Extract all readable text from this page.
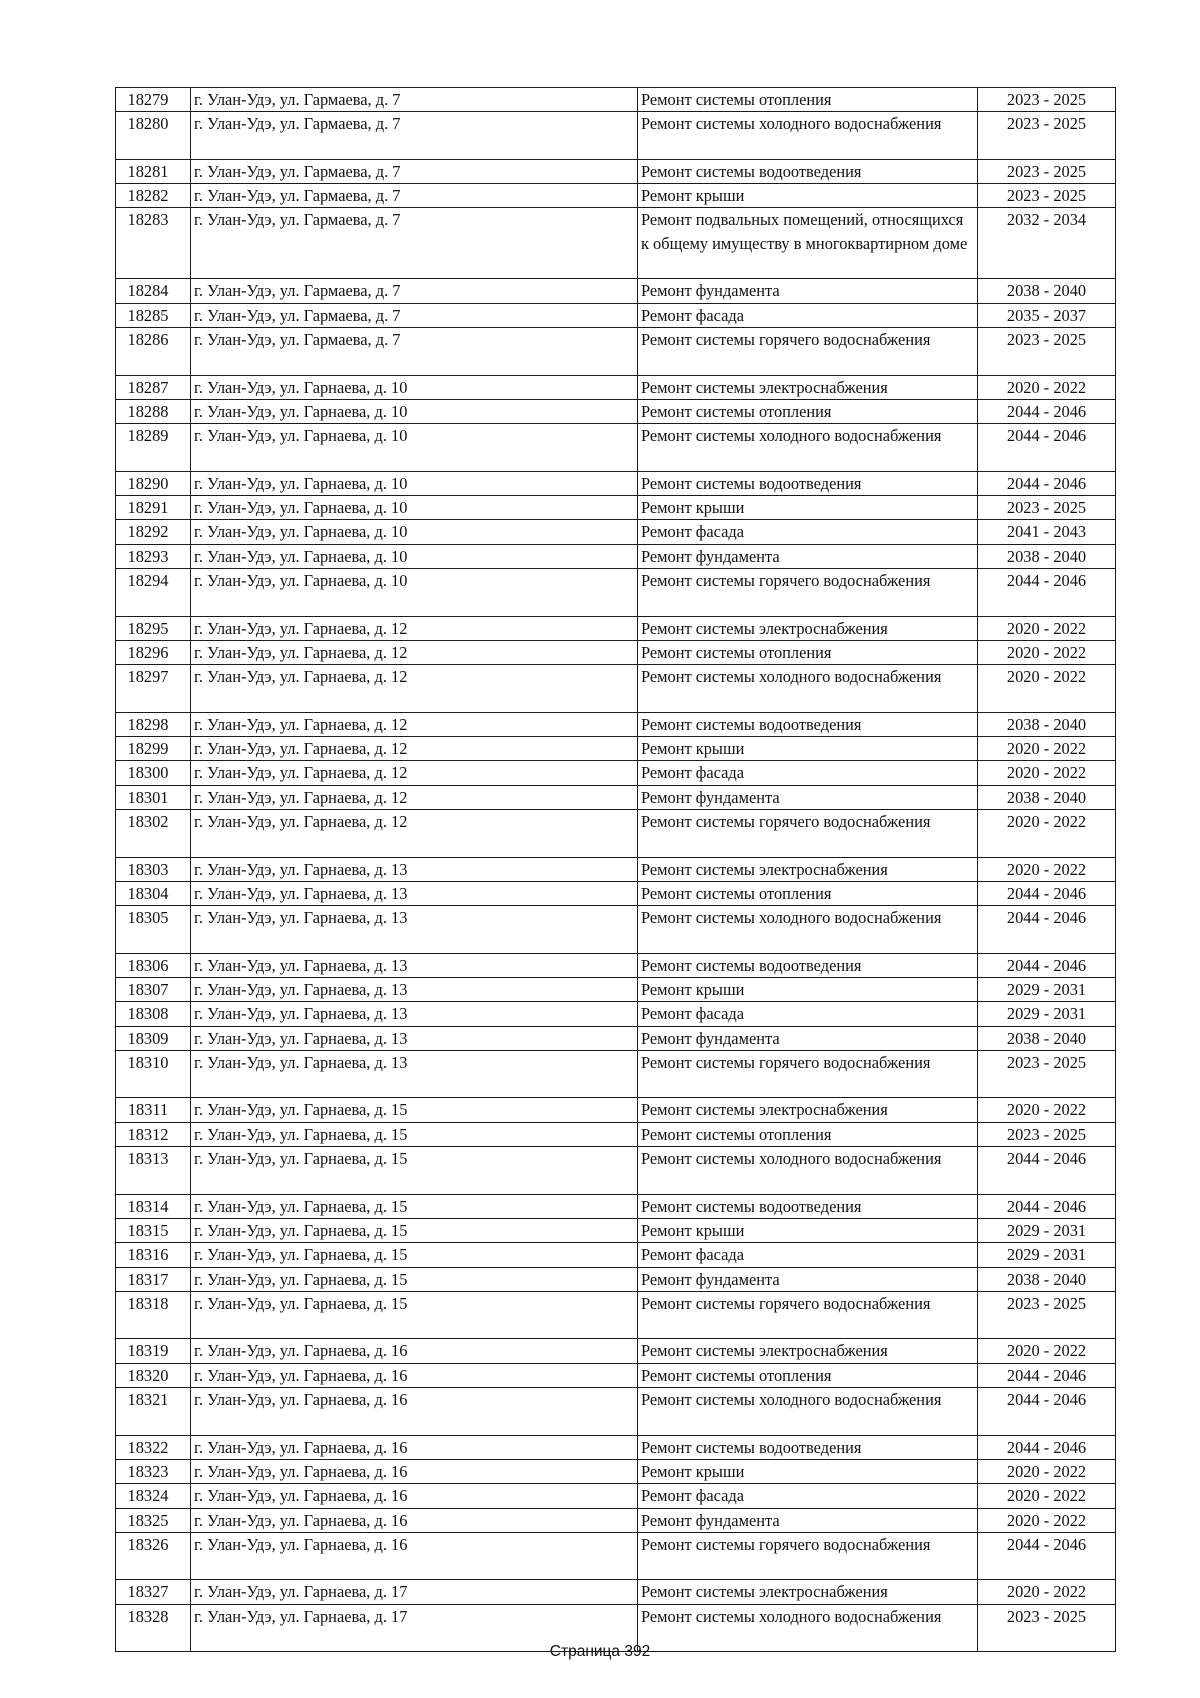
18279	г. Улан-Удэ, ул. Гармаева, д. 7	Ремонт системы отопления	2023 - 2025
18280	г. Улан-Удэ, ул. Гармаева, д. 7	Ремонт системы холодного водоснабжения	2023 - 2025
18281	г. Улан-Удэ, ул. Гармаева, д. 7	Ремонт системы водоотведения	2023 - 2025
18282	г. Улан-Удэ, ул. Гармаева, д. 7	Ремонт крыши	2023 - 2025
18283	г. Улан-Удэ, ул. Гармаева, д. 7	Ремонт подвальных помещений, относящихся к общему имуществу в многоквартирном доме	2032 - 2034
18284	г. Улан-Удэ, ул. Гармаева, д. 7	Ремонт фундамента	2038 - 2040
18285	г. Улан-Удэ, ул. Гармаева, д. 7	Ремонт фасада	2035 - 2037
18286	г. Улан-Удэ, ул. Гармаева, д. 7	Ремонт системы горячего водоснабжения	2023 - 2025
18287	г. Улан-Удэ, ул. Гарнаева, д. 10	Ремонт системы электроснабжения	2020 - 2022
18288	г. Улан-Удэ, ул. Гарнаева, д. 10	Ремонт системы отопления	2044 - 2046
18289	г. Улан-Удэ, ул. Гарнаева, д. 10	Ремонт системы холодного водоснабжения	2044 - 2046
18290	г. Улан-Удэ, ул. Гарнаева, д. 10	Ремонт системы водоотведения	2044 - 2046
18291	г. Улан-Удэ, ул. Гарнаева, д. 10	Ремонт крыши	2023 - 2025
18292	г. Улан-Удэ, ул. Гарнаева, д. 10	Ремонт фасада	2041 - 2043
18293	г. Улан-Удэ, ул. Гарнаева, д. 10	Ремонт фундамента	2038 - 2040
18294	г. Улан-Удэ, ул. Гарнаева, д. 10	Ремонт системы горячего водоснабжения	2044 - 2046
18295	г. Улан-Удэ, ул. Гарнаева, д. 12	Ремонт системы электроснабжения	2020 - 2022
18296	г. Улан-Удэ, ул. Гарнаева, д. 12	Ремонт системы отопления	2020 - 2022
18297	г. Улан-Удэ, ул. Гарнаева, д. 12	Ремонт системы холодного водоснабжения	2020 - 2022
18298	г. Улан-Удэ, ул. Гарнаева, д. 12	Ремонт системы водоотведения	2038 - 2040
18299	г. Улан-Удэ, ул. Гарнаева, д. 12	Ремонт крыши	2020 - 2022
18300	г. Улан-Удэ, ул. Гарнаева, д. 12	Ремонт фасада	2020 - 2022
18301	г. Улан-Удэ, ул. Гарнаева, д. 12	Ремонт фундамента	2038 - 2040
18302	г. Улан-Удэ, ул. Гарнаева, д. 12	Ремонт системы горячего водоснабжения	2020 - 2022
18303	г. Улан-Удэ, ул. Гарнаева, д. 13	Ремонт системы электроснабжения	2020 - 2022
18304	г. Улан-Удэ, ул. Гарнаева, д. 13	Ремонт системы отопления	2044 - 2046
18305	г. Улан-Удэ, ул. Гарнаева, д. 13	Ремонт системы холодного водоснабжения	2044 - 2046
18306	г. Улан-Удэ, ул. Гарнаева, д. 13	Ремонт системы водоотведения	2044 - 2046
18307	г. Улан-Удэ, ул. Гарнаева, д. 13	Ремонт крыши	2029 - 2031
18308	г. Улан-Удэ, ул. Гарнаева, д. 13	Ремонт фасада	2029 - 2031
18309	г. Улан-Удэ, ул. Гарнаева, д. 13	Ремонт фундамента	2038 - 2040
18310	г. Улан-Удэ, ул. Гарнаева, д. 13	Ремонт системы горячего водоснабжения	2023 - 2025
18311	г. Улан-Удэ, ул. Гарнаева, д. 15	Ремонт системы электроснабжения	2020 - 2022
18312	г. Улан-Удэ, ул. Гарнаева, д. 15	Ремонт системы отопления	2023 - 2025
18313	г. Улан-Удэ, ул. Гарнаева, д. 15	Ремонт системы холодного водоснабжения	2044 - 2046
18314	г. Улан-Удэ, ул. Гарнаева, д. 15	Ремонт системы водоотведения	2044 - 2046
18315	г. Улан-Удэ, ул. Гарнаева, д. 15	Ремонт крыши	2029 - 2031
18316	г. Улан-Удэ, ул. Гарнаева, д. 15	Ремонт фасада	2029 - 2031
18317	г. Улан-Удэ, ул. Гарнаева, д. 15	Ремонт фундамента	2038 - 2040
18318	г. Улан-Удэ, ул. Гарнаева, д. 15	Ремонт системы горячего водоснабжения	2023 - 2025
18319	г. Улан-Удэ, ул. Гарнаева, д. 16	Ремонт системы электроснабжения	2020 - 2022
18320	г. Улан-Удэ, ул. Гарнаева, д. 16	Ремонт системы отопления	2044 - 2046
18321	г. Улан-Удэ, ул. Гарнаева, д. 16	Ремонт системы холодного водоснабжения	2044 - 2046
18322	г. Улан-Удэ, ул. Гарнаева, д. 16	Ремонт системы водоотведения	2044 - 2046
18323	г. Улан-Удэ, ул. Гарнаева, д. 16	Ремонт крыши	2020 - 2022
18324	г. Улан-Удэ, ул. Гарнаева, д. 16	Ремонт фасада	2020 - 2022
18325	г. Улан-Удэ, ул. Гарнаева, д. 16	Ремонт фундамента	2020 - 2022
18326	г. Улан-Удэ, ул. Гарнаева, д. 16	Ремонт системы горячего водоснабжения	2044 - 2046
18327	г. Улан-Удэ, ул. Гарнаева, д. 17	Ремонт системы электроснабжения	2020 - 2022
18328	г. Улан-Удэ, ул. Гарнаева, д. 17	Ремонт системы холодного водоснабжения	2023 - 2025
Страница 392
